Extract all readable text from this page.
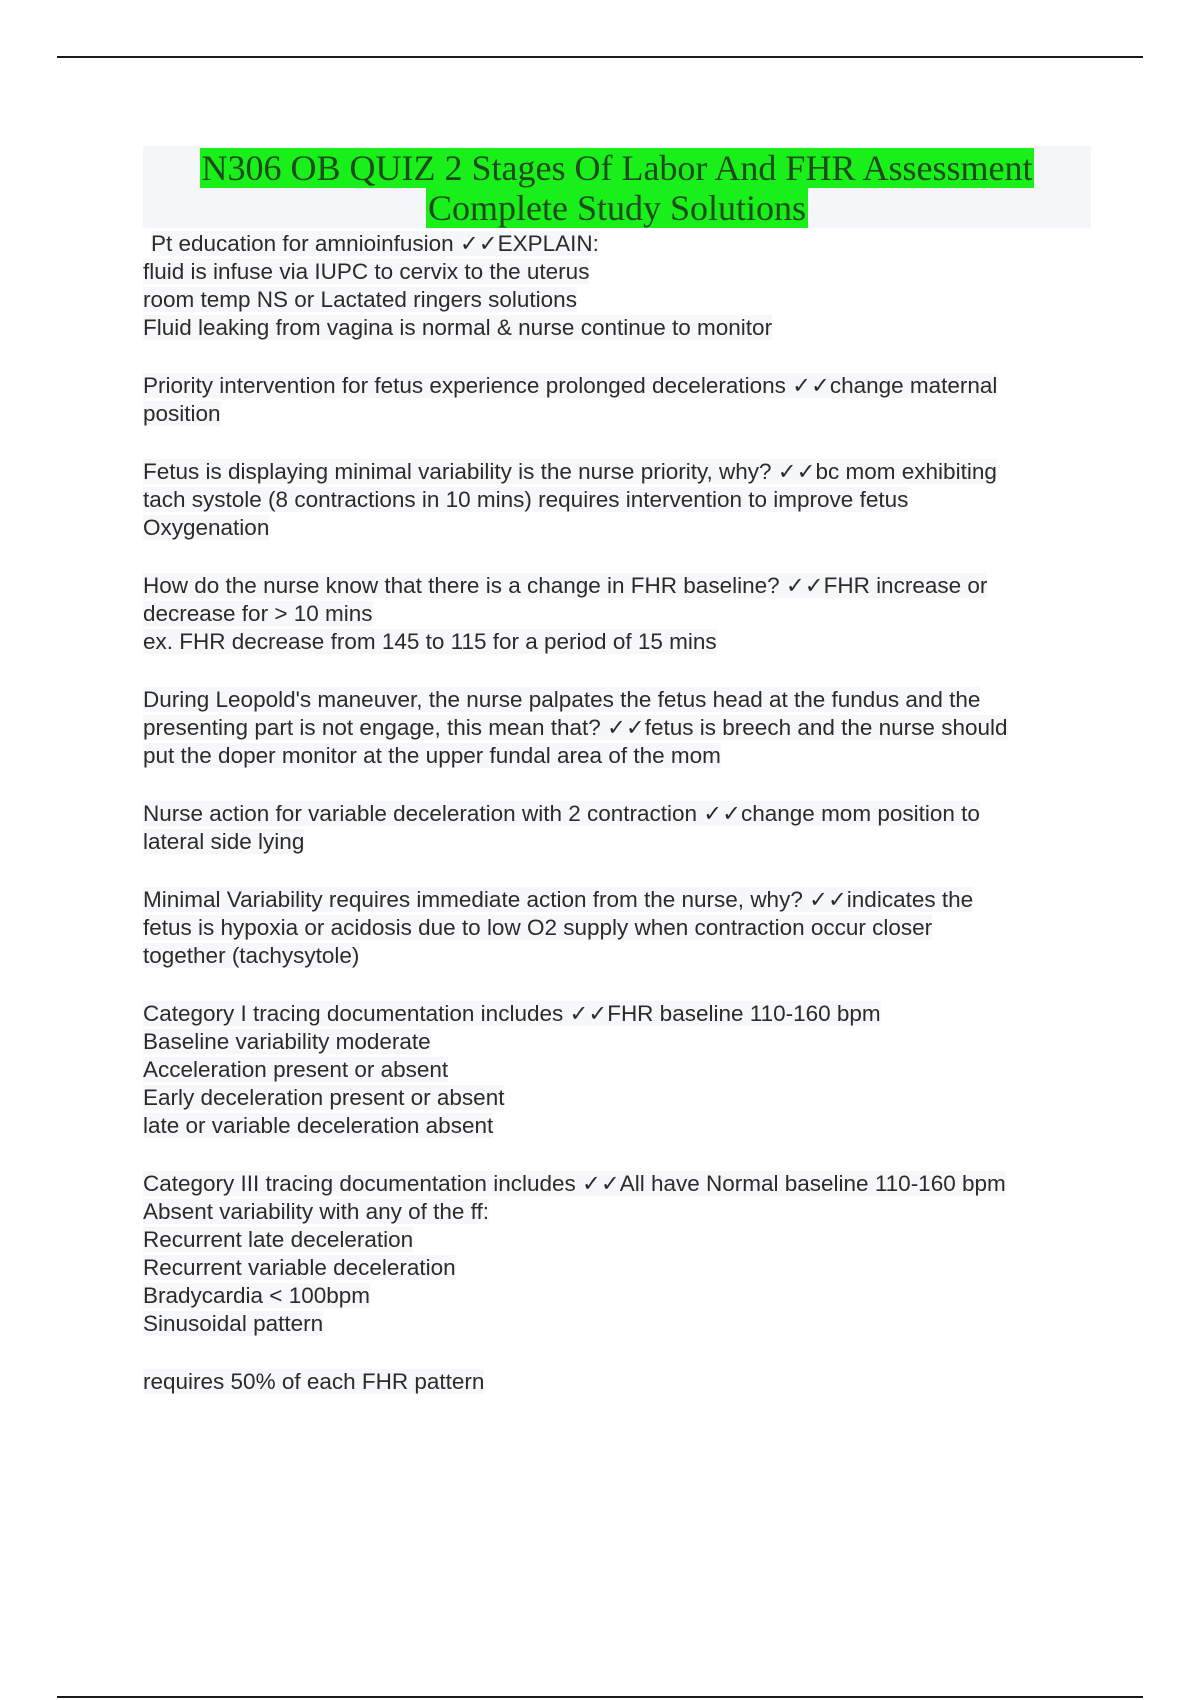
N306 OB QUIZ 2 Stages Of Labor And FHR Assessment
Complete Study Solutions
Pt education for amnioinfusion ✓✓EXPLAIN:
fluid is infuse via IUPC to cervix to the uterus
room temp NS or Lactated ringers solutions
Fluid leaking from vagina is normal & nurse continue to monitor
Priority intervention for fetus experience prolonged decelerations ✓✓change maternal
position
Fetus is displaying minimal variability is the nurse priority, why? ✓✓bc mom exhibiting
tach systole (8 contractions in 10 mins) requires intervention to improve fetus
Oxygenation
How do the nurse know that there is a change in FHR baseline? ✓✓FHR increase or
decrease for > 10 mins
ex. FHR decrease from 145 to 115 for a period of 15 mins
During Leopold's maneuver, the nurse palpates the fetus head at the fundus and the
presenting part is not engage, this mean that? ✓✓fetus is breech and the nurse should
put the doper monitor at the upper fundal area of the mom
Nurse action for variable deceleration with 2 contraction ✓✓change mom position to
lateral side lying
Minimal Variability requires immediate action from the nurse, why? ✓✓indicates the
fetus is hypoxia or acidosis due to low O2 supply when contraction occur closer
together (tachysytole)
Category I tracing documentation includes ✓✓FHR baseline 110-160 bpm
Baseline variability moderate
Acceleration present or absent
Early deceleration present or absent
late or variable deceleration absent
Category III tracing documentation includes ✓✓All have Normal baseline 110-160 bpm
Absent variability with any of the ff:
Recurrent late deceleration
Recurrent variable deceleration
Bradycardia < 100bpm
Sinusoidal pattern
requires 50% of each FHR pattern
